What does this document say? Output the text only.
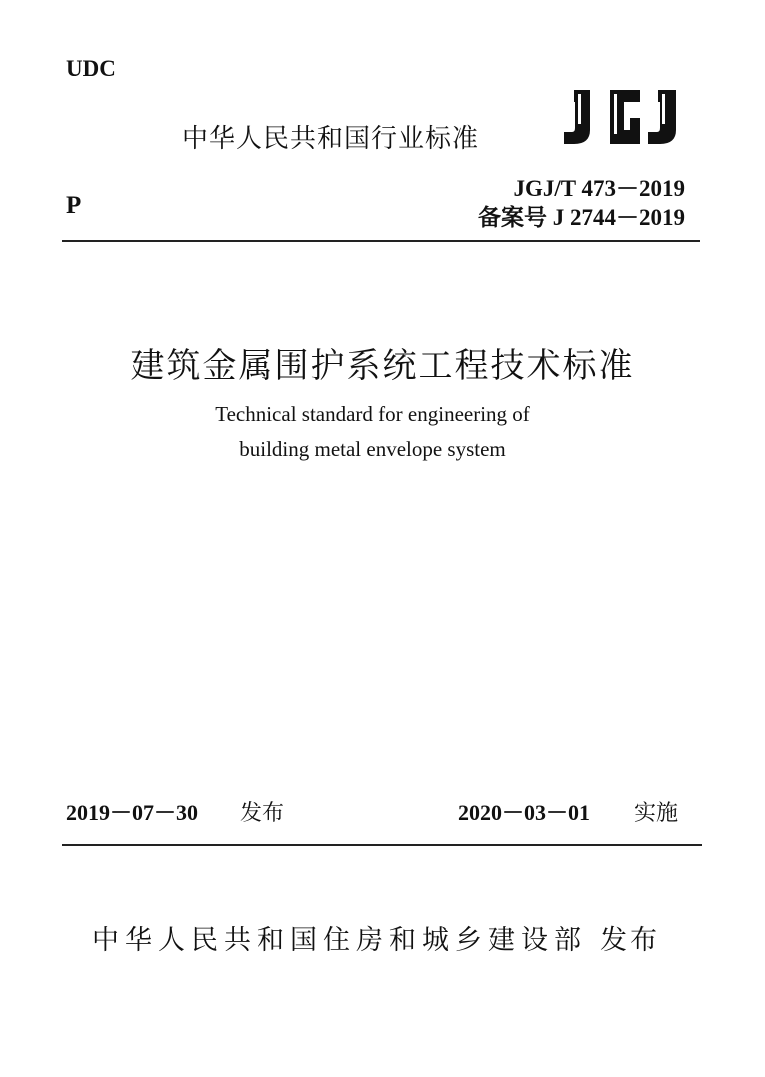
UDC
P
中华人民共和国行业标准
JGJ/T 473－2019
备案号 J 2744－2019
建筑金属围护系统工程技术标准
Technical standard for engineering of
building metal envelope system
2019－07－30 发布	2020－03－01 实施
中华人民共和国住房和城乡建设部 发布
